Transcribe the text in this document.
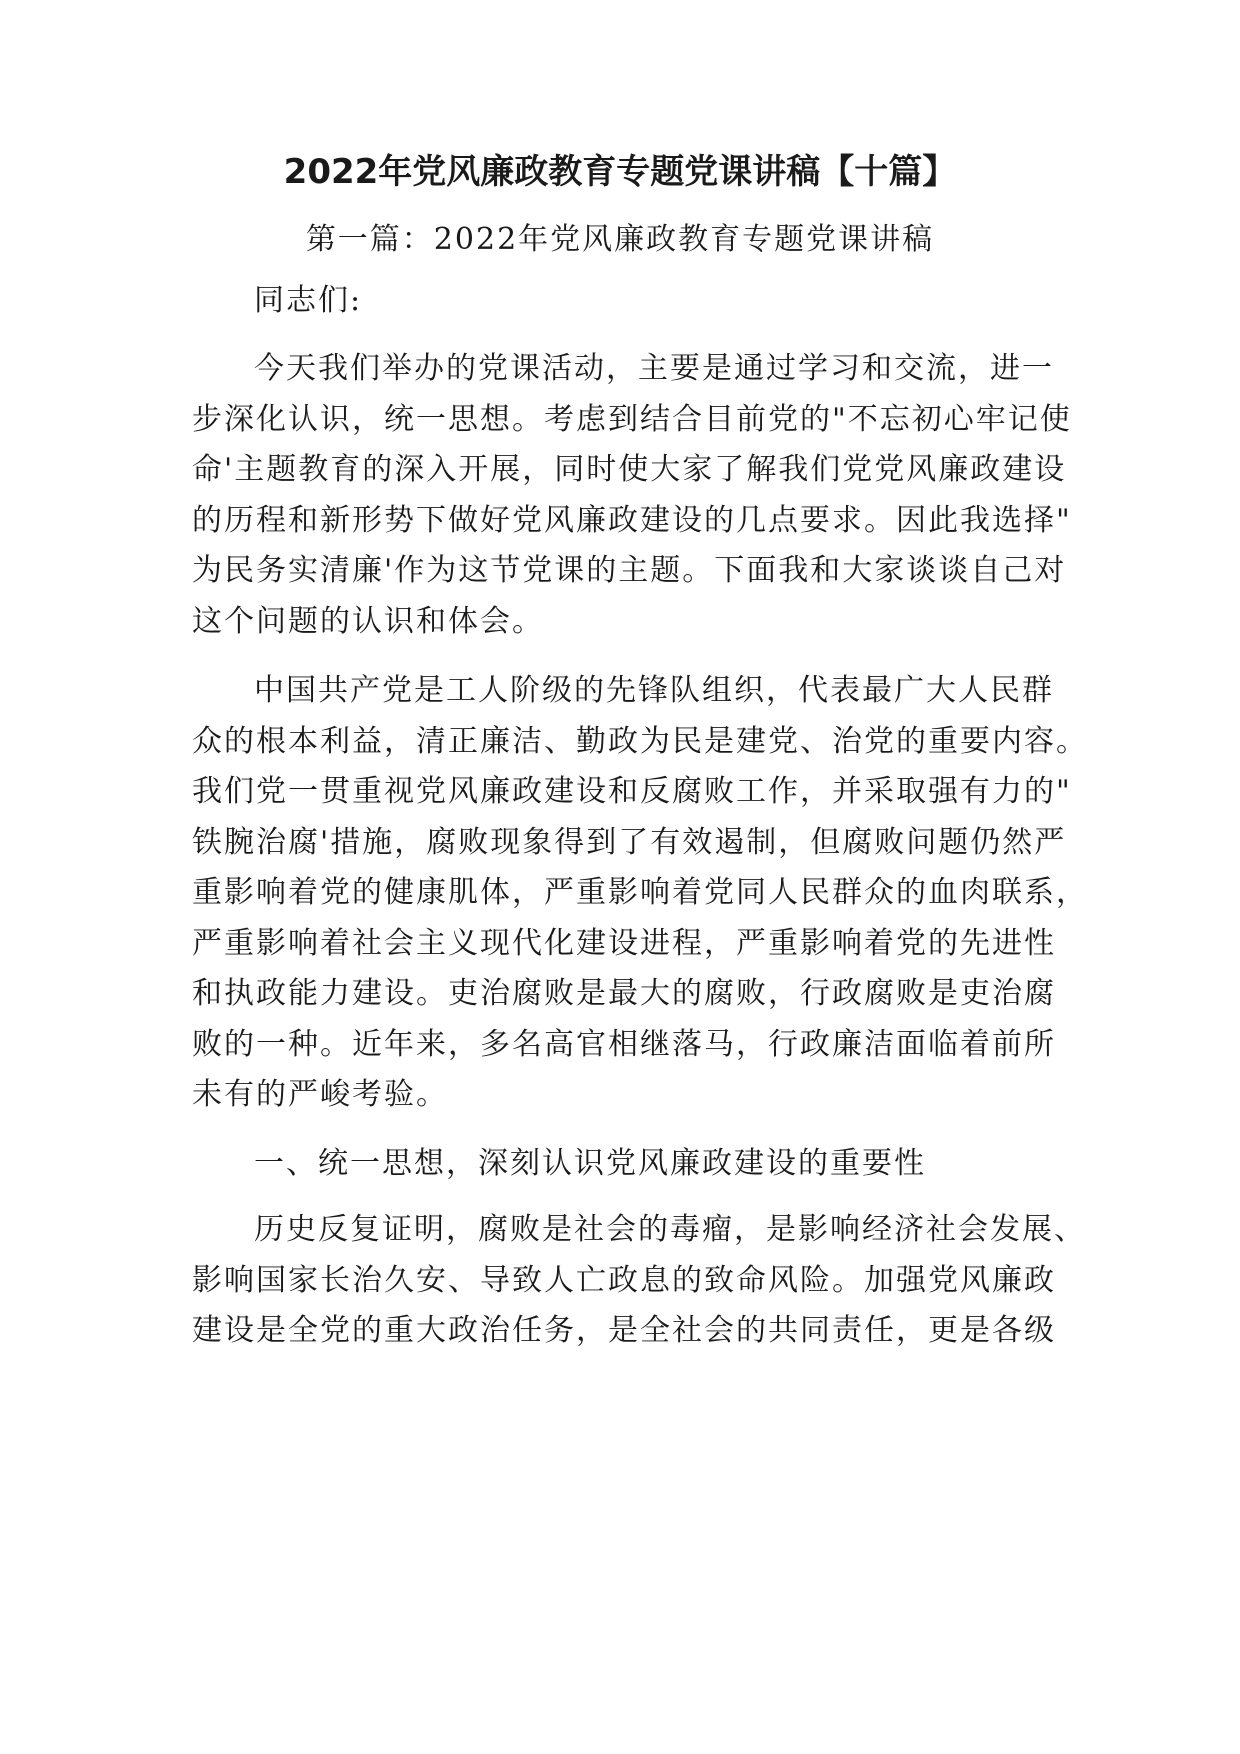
2022年党风廉政教育专题党课讲稿【十篇】
第一篇：2022年党风廉政教育专题党课讲稿
同志们:
今天我们举办的党课活动，主要是通过学习和交流，进一
步深化认识，统一思想。考虑到结合目前党的"不忘初心牢记使
命'主题教育的深入开展，同时使大家了解我们党党风廉政建设
的历程和新形势下做好党风廉政建设的几点要求。因此我选择"
为民务实清廉'作为这节党课的主题。下面我和大家谈谈自己对
这个问题的认识和体会。
中国共产党是工人阶级的先锋队组织，代表最广大人民群
众的根本利益，清正廉洁、勤政为民是建党、治党的重要内容。
我们党一贯重视党风廉政建设和反腐败工作，并采取强有力的"
铁腕治腐'措施，腐败现象得到了有效遏制，但腐败问题仍然严
重影响着党的健康肌体，严重影响着党同人民群众的血肉联系，
严重影响着社会主义现代化建设进程，严重影响着党的先进性
和执政能力建设。吏治腐败是最大的腐败，行政腐败是吏治腐
败的一种。近年来，多名高官相继落马，行政廉洁面临着前所
未有的严峻考验。
一、统一思想，深刻认识党风廉政建设的重要性
历史反复证明，腐败是社会的毒瘤，是影响经济社会发展、
影响国家长治久安、导致人亡政息的致命风险。加强党风廉政
建设是全党的重大政治任务，是全社会的共同责任，更是各级
